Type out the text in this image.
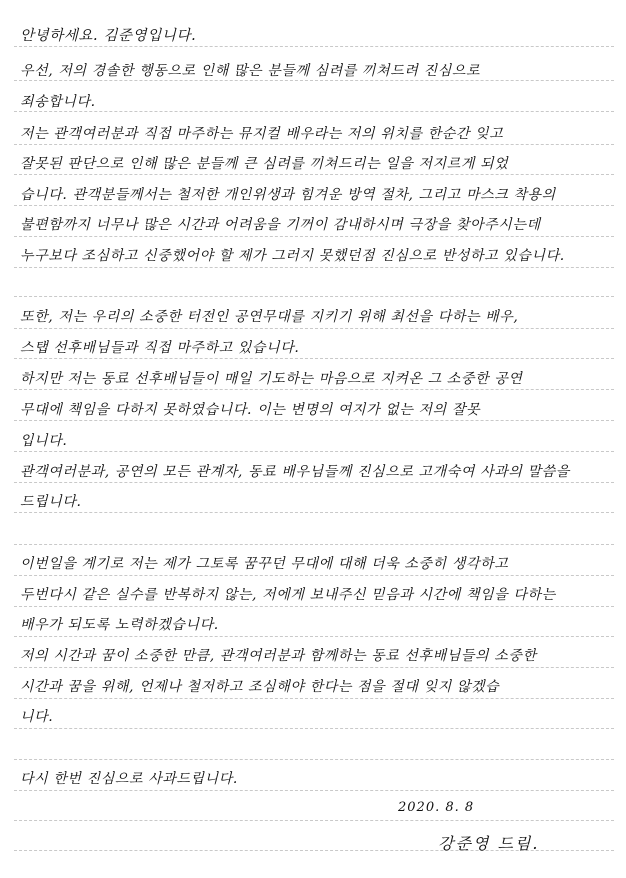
안녕하세요. 김준영입니다.
우선, 저의 경솔한 행동으로 인해 많은 분들께 심려를 끼쳐드려 진심으로
죄송합니다.
저는 관객여러분과 직접 마주하는 뮤지컬 배우라는 저의 위치를 한순간 잊고
잘못된 판단으로 인해 많은 분들께 큰 심려를 끼쳐드리는 일을 저지르게 되었
습니다. 관객분들께서는 철저한 개인위생과 힘겨운 방역 절차, 그리고 마스크 착용의
불편함까지 너무나 많은 시간과 어려움을 기꺼이 감내하시며 극장을 찾아주시는데
누구보다 조심하고 신중했어야 할 제가 그러지 못했던점 진심으로 반성하고 있습니다.
또한, 저는 우리의 소중한 터전인 공연무대를 지키기 위해 최선을 다하는 배우,
스탭 선후배님들과 직접 마주하고 있습니다.
하지만 저는 동료 선후배님들이 매일 기도하는 마음으로 지켜온 그 소중한 공연
무대에 책임을 다하지 못하였습니다. 이는 변명의 여지가 없는 저의 잘못
입니다.
관객여러분과, 공연의 모든 관계자, 동료 배우님들께 진심으로 고개숙여 사과의 말씀을
드립니다.
이번일을 계기로 저는 제가 그토록 꿈꾸던 무대에 대해 더욱 소중히 생각하고
두번다시 같은 실수를 반복하지 않는, 저에게 보내주신 믿음과 시간에 책임을 다하는
배우가 되도록 노력하겠습니다.
저의 시간과 꿈이 소중한 만큼, 관객여러분과 함께하는 동료 선후배님들의 소중한
시간과 꿈을 위해, 언제나 철저하고 조심해야 한다는 점을 절대 잊지 않겠습
니다.
다시 한번 진심으로 사과드립니다.
2020. 8. 8
강준영 드림.
